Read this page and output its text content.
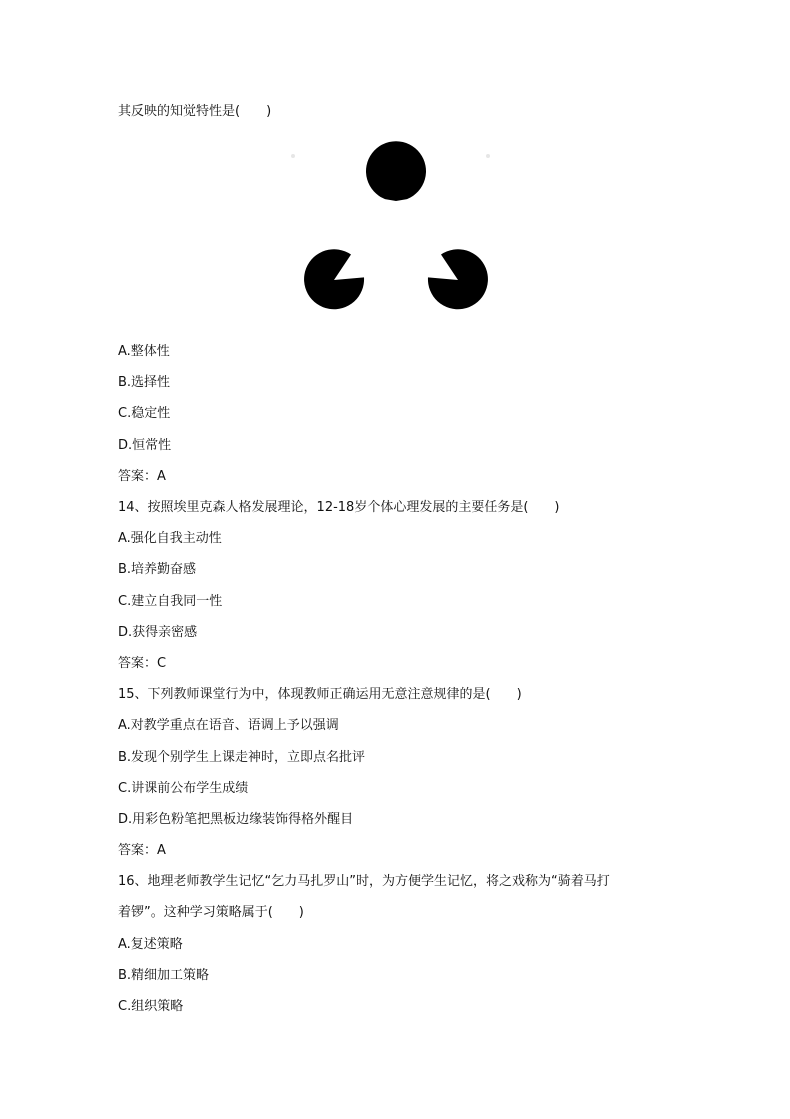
其反映的知觉特性是(　　)
A.整体性
B.选择性
C.稳定性
D.恒常性
答案：A
14、按照埃里克森人格发展理论，12-18岁个体心理发展的主要任务是(　　)
A.强化自我主动性
B.培养勤奋感
C.建立自我同一性
D.获得亲密感
答案：C
15、下列教师课堂行为中，体现教师正确运用无意注意规律的是(　　)
A.对教学重点在语音、语调上予以强调
B.发现个别学生上课走神时，立即点名批评
C.讲课前公布学生成绩
D.用彩色粉笔把黑板边缘装饰得格外醒目
答案：A
16、地理老师教学生记忆“乞力马扎罗山”时，为方便学生记忆，将之戏称为“骑着马打
着锣”。这种学习策略属于(　　)
A.复述策略
B.精细加工策略
C.组织策略
